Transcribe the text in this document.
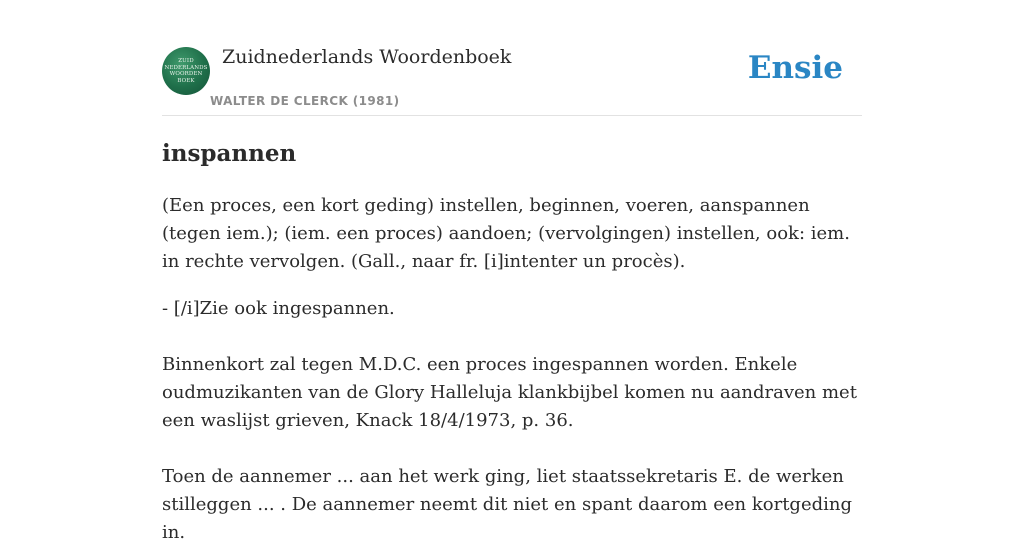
ZUID
NEDERLANDS
WOORDEN
BOEK
Zuidnederlands Woordenboek
WALTER DE CLERCK (1981)
Ensie
inspannen

(Een proces, een kort geding) instellen, beginnen, voeren, aanspannen (tegen iem.); (iem. een proces) aandoen; (vervolgingen) instellen, ook: iem. in rechte vervolgen. (Gall., naar fr. [i]intenter un procès).

- [/i]Zie ook ingespannen.

Binnenkort zal tegen M.D.C. een proces ingespannen worden. Enkele oudmuzikanten van de Glory Halleluja klankbijbel komen nu aandraven met een waslijst grieven, Knack 18/4/1973, p. 36.

Toen de aannemer ... aan het werk ging, liet staatssekretaris E. de werken stilleggen ... . De aannemer neemt dit niet en spant daarom een kortgeding in.
